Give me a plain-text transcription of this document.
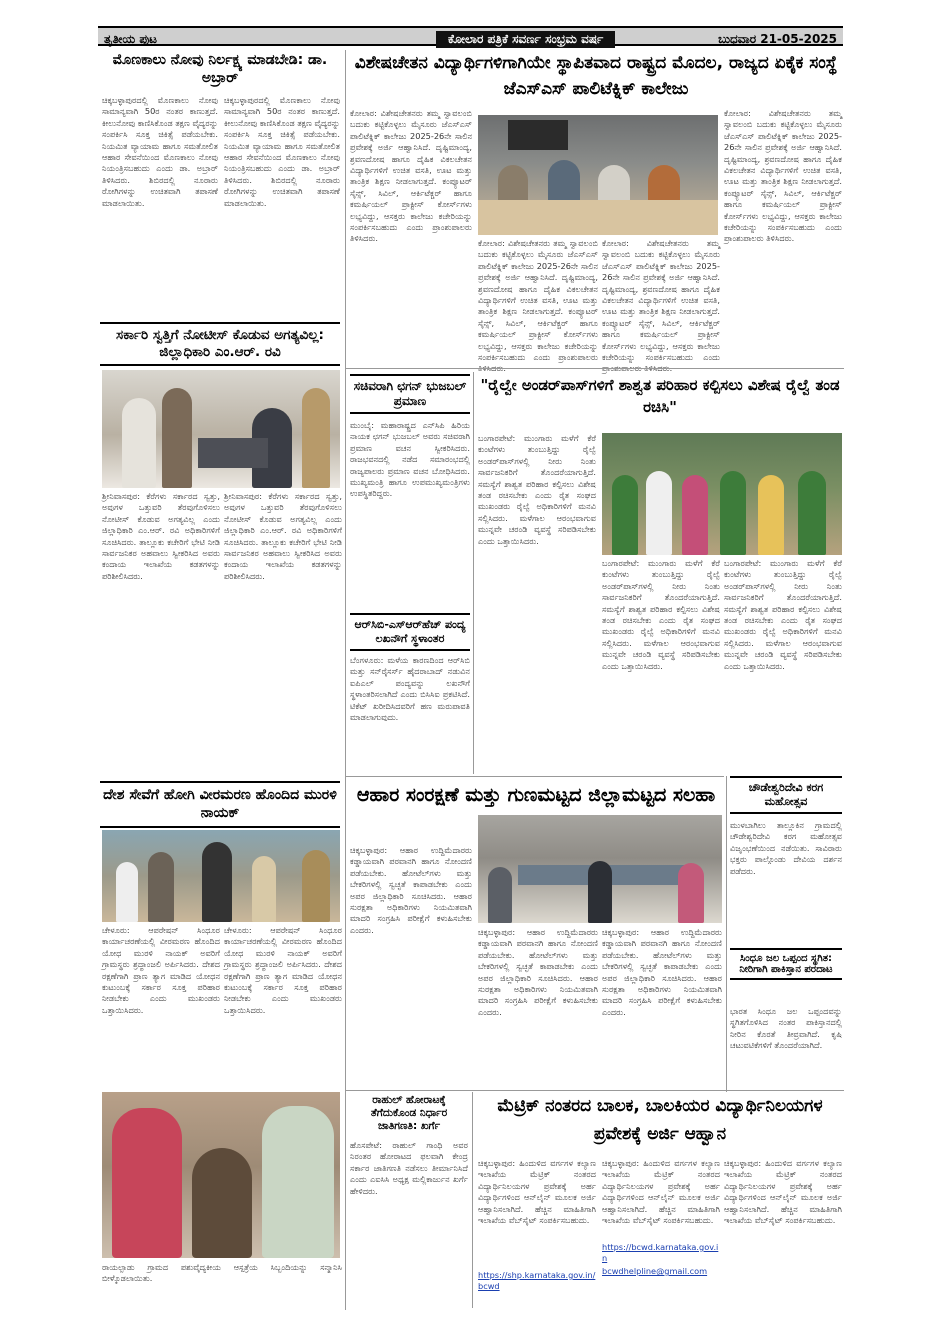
ತೃತೀಯ ಪುಟ	ಕೋಲಾರ ಪತ್ರಿಕೆ ಸವರ್ಣ ಸಂಭ್ರಮ ವರ್ಷ	ಬುಧವಾರ 21-05-2025
ಮೊಣಕಾಲು ನೋವು ನಿರ್ಲಕ್ಷ್ಯ ಮಾಡಬೇಡಿ: ಡಾ. ಅಬ್ರಾರ್
ಚಿಕ್ಕಬಳ್ಳಾಪುರದಲ್ಲಿ ಮೊಣಕಾಲು ನೋವು ಸಾಮಾನ್ಯವಾಗಿ 50ರ ನಂತರ ಕಾಣುತ್ತದೆ. ಕೀಲುನೋವು ಕಾಣಿಸಿಕೊಂಡ ತಕ್ಷಣ ವೈದ್ಯರನ್ನು ಸಂಪರ್ಕಿಸಿ ಸೂಕ್ತ ಚಿಕಿತ್ಸೆ ಪಡೆಯಬೇಕು. ನಿಯಮಿತ ವ್ಯಾಯಾಮ ಹಾಗೂ ಸಮತೋಲಿತ ಆಹಾರ ಸೇವನೆಯಿಂದ ಮೊಣಕಾಲು ನೋವು ನಿಯಂತ್ರಿಸಬಹುದು ಎಂದು ಡಾ. ಅಬ್ರಾರ್ ತಿಳಿಸಿದರು. ಶಿಬಿರದಲ್ಲಿ ನೂರಾರು ರೋಗಿಗಳನ್ನು ಉಚಿತವಾಗಿ ತಪಾಸಣೆ ಮಾಡಲಾಯಿತು.
ಚಿಕ್ಕಬಳ್ಳಾಪುರದಲ್ಲಿ ಮೊಣಕಾಲು ನೋವು ಸಾಮಾನ್ಯವಾಗಿ 50ರ ನಂತರ ಕಾಣುತ್ತದೆ. ಕೀಲುನೋವು ಕಾಣಿಸಿಕೊಂಡ ತಕ್ಷಣ ವೈದ್ಯರನ್ನು ಸಂಪರ್ಕಿಸಿ ಸೂಕ್ತ ಚಿಕಿತ್ಸೆ ಪಡೆಯಬೇಕು. ನಿಯಮಿತ ವ್ಯಾಯಾಮ ಹಾಗೂ ಸಮತೋಲಿತ ಆಹಾರ ಸೇವನೆಯಿಂದ ಮೊಣಕಾಲು ನೋವು ನಿಯಂತ್ರಿಸಬಹುದು ಎಂದು ಡಾ. ಅಬ್ರಾರ್ ತಿಳಿಸಿದರು. ಶಿಬಿರದಲ್ಲಿ ನೂರಾರು ರೋಗಿಗಳನ್ನು ಉಚಿತವಾಗಿ ತಪಾಸಣೆ ಮಾಡಲಾಯಿತು.
ಸರ್ಕಾರಿ ಸ್ವತ್ತಿಗೆ ನೋಟೀಸ್ ಕೊಡುವ ಅಗತ್ಯವಿಲ್ಲ: ಜಿಲ್ಲಾಧಿಕಾರಿ ಎಂ.ಆರ್. ರವಿ
ಶ್ರೀನಿವಾಸಪುರ: ಕೆರೆಗಳು ಸರ್ಕಾರದ ಸ್ವತ್ತು, ಅವುಗಳ ಒತ್ತುವರಿ ತೆರವುಗೊಳಿಸಲು ನೋಟೀಸ್ ಕೊಡುವ ಅಗತ್ಯವಿಲ್ಲ ಎಂದು ಜಿಲ್ಲಾಧಿಕಾರಿ ಎಂ.ಆರ್. ರವಿ ಅಧಿಕಾರಿಗಳಿಗೆ ಸೂಚಿಸಿದರು. ತಾಲ್ಲೂಕು ಕಚೇರಿಗೆ ಭೇಟಿ ನೀಡಿ ಸಾರ್ವಜನಿಕರ ಅಹವಾಲು ಸ್ವೀಕರಿಸಿದ ಅವರು ಕಂದಾಯ ಇಲಾಖೆಯ ಕಡತಗಳನ್ನು ಪರಿಶೀಲಿಸಿದರು.
ಶ್ರೀನಿವಾಸಪುರ: ಕೆರೆಗಳು ಸರ್ಕಾರದ ಸ್ವತ್ತು, ಅವುಗಳ ಒತ್ತುವರಿ ತೆರವುಗೊಳಿಸಲು ನೋಟೀಸ್ ಕೊಡುವ ಅಗತ್ಯವಿಲ್ಲ ಎಂದು ಜಿಲ್ಲಾಧಿಕಾರಿ ಎಂ.ಆರ್. ರವಿ ಅಧಿಕಾರಿಗಳಿಗೆ ಸೂಚಿಸಿದರು. ತಾಲ್ಲೂಕು ಕಚೇರಿಗೆ ಭೇಟಿ ನೀಡಿ ಸಾರ್ವಜನಿಕರ ಅಹವಾಲು ಸ್ವೀಕರಿಸಿದ ಅವರು ಕಂದಾಯ ಇಲಾಖೆಯ ಕಡತಗಳನ್ನು ಪರಿಶೀಲಿಸಿದರು.
ದೇಶ ಸೇವೆಗೆ ಹೋಗಿ ವೀರಮರಣ ಹೊಂದಿದ ಮುರಳಿ ನಾಯಕ್
ಚೇಳೂರು: ಆಪರೇಷನ್ ಸಿಂಧೂರ ಕಾರ್ಯಾಚರಣೆಯಲ್ಲಿ ವೀರಮರಣ ಹೊಂದಿದ ಯೋಧ ಮುರಳಿ ನಾಯಕ್ ಅವರಿಗೆ ಗ್ರಾಮಸ್ಥರು ಶ್ರದ್ಧಾಂಜಲಿ ಅರ್ಪಿಸಿದರು. ದೇಶದ ರಕ್ಷಣೆಗಾಗಿ ಪ್ರಾಣ ತ್ಯಾಗ ಮಾಡಿದ ಯೋಧನ ಕುಟುಂಬಕ್ಕೆ ಸರ್ಕಾರ ಸೂಕ್ತ ಪರಿಹಾರ ನೀಡಬೇಕು ಎಂದು ಮುಖಂಡರು ಒತ್ತಾಯಿಸಿದರು.
ಚೇಳೂರು: ಆಪರೇಷನ್ ಸಿಂಧೂರ ಕಾರ್ಯಾಚರಣೆಯಲ್ಲಿ ವೀರಮರಣ ಹೊಂದಿದ ಯೋಧ ಮುರಳಿ ನಾಯಕ್ ಅವರಿಗೆ ಗ್ರಾಮಸ್ಥರು ಶ್ರದ್ಧಾಂಜಲಿ ಅರ್ಪಿಸಿದರು. ದೇಶದ ರಕ್ಷಣೆಗಾಗಿ ಪ್ರಾಣ ತ್ಯಾಗ ಮಾಡಿದ ಯೋಧನ ಕುಟುಂಬಕ್ಕೆ ಸರ್ಕಾರ ಸೂಕ್ತ ಪರಿಹಾರ ನೀಡಬೇಕು ಎಂದು ಮುಖಂಡರು ಒತ್ತಾಯಿಸಿದರು.
ರಾಯಲ್ಪಾಡು ಗ್ರಾಮದ ಪಶುವೈದ್ಯಕೀಯ ಆಸ್ಪತ್ರೆಯ ಸಿಬ್ಬಂದಿಯನ್ನು ಸನ್ಮಾನಿಸಿ ಬೀಳ್ಕೊಡಲಾಯಿತು.
ವಿಶೇಷಚೇತನ ವಿದ್ಯಾರ್ಥಿಗಳಿಗಾಗಿಯೇ ಸ್ಥಾಪಿತವಾದ ರಾಷ್ಟ್ರದ ಮೊದಲ, ರಾಜ್ಯದ ಏಕೈಕ ಸಂಸ್ಥೆ ಜೆಎಸ್ಎಸ್ ಪಾಲಿಟೆಕ್ನಿಕ್ ಕಾಲೇಜು
ಕೋಲಾರ: ವಿಶೇಷಚೇತನರು ತಮ್ಮ ಸ್ವಾವಲಂಬಿ ಬದುಕು ಕಟ್ಟಿಕೊಳ್ಳಲು ಮೈಸೂರು ಜೆಎಸ್ಎಸ್ ಪಾಲಿಟೆಕ್ನಿಕ್ ಕಾಲೇಜು 2025-26ನೇ ಸಾಲಿನ ಪ್ರವೇಶಕ್ಕೆ ಅರ್ಜಿ ಆಹ್ವಾನಿಸಿದೆ. ದೃಷ್ಟಿಮಾಂದ್ಯ, ಶ್ರವಣದೋಷ ಹಾಗೂ ದೈಹಿಕ ವಿಕಲಚೇತನ ವಿದ್ಯಾರ್ಥಿಗಳಿಗೆ ಉಚಿತ ವಸತಿ, ಊಟ ಮತ್ತು ತಾಂತ್ರಿಕ ಶಿಕ್ಷಣ ನೀಡಲಾಗುತ್ತದೆ. ಕಂಪ್ಯೂಟರ್ ಸೈನ್ಸ್, ಸಿವಿಲ್, ಆರ್ಕಿಟೆಕ್ಚರ್ ಹಾಗೂ ಕಮರ್ಷಿಯಲ್ ಪ್ರಾಕ್ಟೀಸ್ ಕೋರ್ಸ್‌ಗಳು ಲಭ್ಯವಿದ್ದು, ಆಸಕ್ತರು ಕಾಲೇಜು ಕಚೇರಿಯನ್ನು ಸಂಪರ್ಕಿಸಬಹುದು ಎಂದು ಪ್ರಾಂಶುಪಾಲರು ತಿಳಿಸಿದರು.	ಕೋಲಾರ: ವಿಶೇಷಚೇತನರು ತಮ್ಮ ಸ್ವಾವಲಂಬಿ ಬದುಕು ಕಟ್ಟಿಕೊಳ್ಳಲು ಮೈಸೂರು ಜೆಎಸ್ಎಸ್ ಪಾಲಿಟೆಕ್ನಿಕ್ ಕಾಲೇಜು 2025-26ನೇ ಸಾಲಿನ ಪ್ರವೇಶಕ್ಕೆ ಅರ್ಜಿ ಆಹ್ವಾನಿಸಿದೆ. ದೃಷ್ಟಿಮಾಂದ್ಯ, ಶ್ರವಣದೋಷ ಹಾಗೂ ದೈಹಿಕ ವಿಕಲಚೇತನ ವಿದ್ಯಾರ್ಥಿಗಳಿಗೆ ಉಚಿತ ವಸತಿ, ಊಟ ಮತ್ತು ತಾಂತ್ರಿಕ ಶಿಕ್ಷಣ ನೀಡಲಾಗುತ್ತದೆ. ಕಂಪ್ಯೂಟರ್ ಸೈನ್ಸ್, ಸಿವಿಲ್, ಆರ್ಕಿಟೆಕ್ಚರ್ ಹಾಗೂ ಕಮರ್ಷಿಯಲ್ ಪ್ರಾಕ್ಟೀಸ್ ಕೋರ್ಸ್‌ಗಳು ಲಭ್ಯವಿದ್ದು, ಆಸಕ್ತರು ಕಾಲೇಜು ಕಚೇರಿಯನ್ನು ಸಂಪರ್ಕಿಸಬಹುದು ಎಂದು ಪ್ರಾಂಶುಪಾಲರು ತಿಳಿಸಿದರು.
ಕೋಲಾರ: ವಿಶೇಷಚೇತನರು ತಮ್ಮ ಸ್ವಾವಲಂಬಿ ಬದುಕು ಕಟ್ಟಿಕೊಳ್ಳಲು ಮೈಸೂರು ಜೆಎಸ್ಎಸ್ ಪಾಲಿಟೆಕ್ನಿಕ್ ಕಾಲೇಜು 2025-26ನೇ ಸಾಲಿನ ಪ್ರವೇಶಕ್ಕೆ ಅರ್ಜಿ ಆಹ್ವಾನಿಸಿದೆ. ದೃಷ್ಟಿಮಾಂದ್ಯ, ಶ್ರವಣದೋಷ ಹಾಗೂ ದೈಹಿಕ ವಿಕಲಚೇತನ ವಿದ್ಯಾರ್ಥಿಗಳಿಗೆ ಉಚಿತ ವಸತಿ, ಊಟ ಮತ್ತು ತಾಂತ್ರಿಕ ಶಿಕ್ಷಣ ನೀಡಲಾಗುತ್ತದೆ. ಕಂಪ್ಯೂಟರ್ ಸೈನ್ಸ್, ಸಿವಿಲ್, ಆರ್ಕಿಟೆಕ್ಚರ್ ಹಾಗೂ ಕಮರ್ಷಿಯಲ್ ಪ್ರಾಕ್ಟೀಸ್ ಕೋರ್ಸ್‌ಗಳು ಲಭ್ಯವಿದ್ದು, ಆಸಕ್ತರು ಕಾಲೇಜು ಕಚೇರಿಯನ್ನು ಸಂಪರ್ಕಿಸಬಹುದು ಎಂದು ಪ್ರಾಂಶುಪಾಲರು ತಿಳಿಸಿದರು.
ಕೋಲಾರ: ವಿಶೇಷಚೇತನರು ತಮ್ಮ ಸ್ವಾವಲಂಬಿ ಬದುಕು ಕಟ್ಟಿಕೊಳ್ಳಲು ಮೈಸೂರು ಜೆಎಸ್ಎಸ್ ಪಾಲಿಟೆಕ್ನಿಕ್ ಕಾಲೇಜು 2025-26ನೇ ಸಾಲಿನ ಪ್ರವೇಶಕ್ಕೆ ಅರ್ಜಿ ಆಹ್ವಾನಿಸಿದೆ. ದೃಷ್ಟಿಮಾಂದ್ಯ, ಶ್ರವಣದೋಷ ಹಾಗೂ ದೈಹಿಕ ವಿಕಲಚೇತನ ವಿದ್ಯಾರ್ಥಿಗಳಿಗೆ ಉಚಿತ ವಸತಿ, ಊಟ ಮತ್ತು ತಾಂತ್ರಿಕ ಶಿಕ್ಷಣ ನೀಡಲಾಗುತ್ತದೆ. ಕಂಪ್ಯೂಟರ್ ಸೈನ್ಸ್, ಸಿವಿಲ್, ಆರ್ಕಿಟೆಕ್ಚರ್ ಹಾಗೂ ಕಮರ್ಷಿಯಲ್ ಪ್ರಾಕ್ಟೀಸ್ ಕೋರ್ಸ್‌ಗಳು ಲಭ್ಯವಿದ್ದು, ಆಸಕ್ತರು ಕಾಲೇಜು ಕಚೇರಿಯನ್ನು ಸಂಪರ್ಕಿಸಬಹುದು ಎಂದು ಪ್ರಾಂಶುಪಾಲರು ತಿಳಿಸಿದರು.
ಸಚಿವರಾಗಿ ಛಗನ್ ಭುಜಬಲ್ ಪ್ರಮಾಣ
ಮುಂಬೈ: ಮಹಾರಾಷ್ಟ್ರದ ಎನ್‌ಸಿಪಿ ಹಿರಿಯ ನಾಯಕ ಛಗನ್ ಭುಜಬಲ್ ಅವರು ಸಚಿವರಾಗಿ ಪ್ರಮಾಣ ವಚನ ಸ್ವೀಕರಿಸಿದರು. ರಾಜಭವನದಲ್ಲಿ ನಡೆದ ಸಮಾರಂಭದಲ್ಲಿ ರಾಜ್ಯಪಾಲರು ಪ್ರಮಾಣ ವಚನ ಬೋಧಿಸಿದರು. ಮುಖ್ಯಮಂತ್ರಿ ಹಾಗೂ ಉಪಮುಖ್ಯಮಂತ್ರಿಗಳು ಉಪಸ್ಥಿತರಿದ್ದರು.
ಆರ್‌ಸಿಬಿ-ಎಸ್‌ಆರ್‌ಹೆಚ್ ಪಂದ್ಯ ಲಖನೌಗೆ ಸ್ಥಳಾಂತರ
ಬೆಂಗಳೂರು: ಮಳೆಯ ಕಾರಣದಿಂದ ಆರ್‌ಸಿಬಿ ಮತ್ತು ಸನ್‌ರೈಸರ್ಸ್ ಹೈದರಾಬಾದ್ ನಡುವಿನ ಐಪಿಎಲ್ ಪಂದ್ಯವನ್ನು ಲಖನೌಗೆ ಸ್ಥಳಾಂತರಿಸಲಾಗಿದೆ ಎಂದು ಬಿಸಿಸಿಐ ಪ್ರಕಟಿಸಿದೆ. ಟಿಕೆಟ್ ಖರೀದಿಸಿದವರಿಗೆ ಹಣ ಮರುಪಾವತಿ ಮಾಡಲಾಗುವುದು.
"ರೈಲ್ವೇ ಅಂಡರ್‌ಪಾಸ್‌ಗಳಿಗೆ ಶಾಶ್ವತ ಪರಿಹಾರ ಕಲ್ಪಿಸಲು ವಿಶೇಷ ರೈಲ್ವೆ ತಂಡ ರಚಿಸಿ"
ಬಂಗಾರಪೇಟೆ: ಮುಂಗಾರು ಮಳೆಗೆ ಕೆರೆ ಕುಂಟೆಗಳು ತುಂಬುತ್ತಿದ್ದು ರೈಲ್ವೆ ಅಂಡರ್‌ಪಾಸ್‌ಗಳಲ್ಲಿ ನೀರು ನಿಂತು ಸಾರ್ವಜನಿಕರಿಗೆ ತೊಂದರೆಯಾಗುತ್ತಿದೆ. ಸಮಸ್ಯೆಗೆ ಶಾಶ್ವತ ಪರಿಹಾರ ಕಲ್ಪಿಸಲು ವಿಶೇಷ ತಂಡ ರಚಿಸಬೇಕು ಎಂದು ರೈತ ಸಂಘದ ಮುಖಂಡರು ರೈಲ್ವೆ ಅಧಿಕಾರಿಗಳಿಗೆ ಮನವಿ ಸಲ್ಲಿಸಿದರು. ಮಳೆಗಾಲ ಆರಂಭವಾಗುವ ಮುನ್ನವೇ ಚರಂಡಿ ವ್ಯವಸ್ಥೆ ಸರಿಪಡಿಸಬೇಕು ಎಂದು ಒತ್ತಾಯಿಸಿದರು.
ಬಂಗಾರಪೇಟೆ: ಮುಂಗಾರು ಮಳೆಗೆ ಕೆರೆ ಕುಂಟೆಗಳು ತುಂಬುತ್ತಿದ್ದು ರೈಲ್ವೆ ಅಂಡರ್‌ಪಾಸ್‌ಗಳಲ್ಲಿ ನೀರು ನಿಂತು ಸಾರ್ವಜನಿಕರಿಗೆ ತೊಂದರೆಯಾಗುತ್ತಿದೆ. ಸಮಸ್ಯೆಗೆ ಶಾಶ್ವತ ಪರಿಹಾರ ಕಲ್ಪಿಸಲು ವಿಶೇಷ ತಂಡ ರಚಿಸಬೇಕು ಎಂದು ರೈತ ಸಂಘದ ಮುಖಂಡರು ರೈಲ್ವೆ ಅಧಿಕಾರಿಗಳಿಗೆ ಮನವಿ ಸಲ್ಲಿಸಿದರು. ಮಳೆಗಾಲ ಆರಂಭವಾಗುವ ಮುನ್ನವೇ ಚರಂಡಿ ವ್ಯವಸ್ಥೆ ಸರಿಪಡಿಸಬೇಕು ಎಂದು ಒತ್ತಾಯಿಸಿದರು.
ಬಂಗಾರಪೇಟೆ: ಮುಂಗಾರು ಮಳೆಗೆ ಕೆರೆ ಕುಂಟೆಗಳು ತುಂಬುತ್ತಿದ್ದು ರೈಲ್ವೆ ಅಂಡರ್‌ಪಾಸ್‌ಗಳಲ್ಲಿ ನೀರು ನಿಂತು ಸಾರ್ವಜನಿಕರಿಗೆ ತೊಂದರೆಯಾಗುತ್ತಿದೆ. ಸಮಸ್ಯೆಗೆ ಶಾಶ್ವತ ಪರಿಹಾರ ಕಲ್ಪಿಸಲು ವಿಶೇಷ ತಂಡ ರಚಿಸಬೇಕು ಎಂದು ರೈತ ಸಂಘದ ಮುಖಂಡರು ರೈಲ್ವೆ ಅಧಿಕಾರಿಗಳಿಗೆ ಮನವಿ ಸಲ್ಲಿಸಿದರು. ಮಳೆಗಾಲ ಆರಂಭವಾಗುವ ಮುನ್ನವೇ ಚರಂಡಿ ವ್ಯವಸ್ಥೆ ಸರಿಪಡಿಸಬೇಕು ಎಂದು ಒತ್ತಾಯಿಸಿದರು.
ಆಹಾರ ಸಂರಕ್ಷಣೆ ಮತ್ತು ಗುಣಮಟ್ಟದ ಜಿಲ್ಲಾಮಟ್ಟದ ಸಲಹಾ
ಚಿಕ್ಕಬಳ್ಳಾಪುರ: ಆಹಾರ ಉದ್ದಿಮೆದಾರರು ಕಡ್ಡಾಯವಾಗಿ ಪರವಾನಗಿ ಹಾಗೂ ನೋಂದಣಿ ಪಡೆಯಬೇಕು. ಹೋಟೆಲ್‌ಗಳು ಮತ್ತು ಬೇಕರಿಗಳಲ್ಲಿ ಸ್ವಚ್ಛತೆ ಕಾಪಾಡಬೇಕು ಎಂದು ಅಪರ ಜಿಲ್ಲಾಧಿಕಾರಿ ಸೂಚಿಸಿದರು. ಆಹಾರ ಸುರಕ್ಷತಾ ಅಧಿಕಾರಿಗಳು ನಿಯಮಿತವಾಗಿ ಮಾದರಿ ಸಂಗ್ರಹಿಸಿ ಪರೀಕ್ಷೆಗೆ ಕಳುಹಿಸಬೇಕು ಎಂದರು.	ಚಿಕ್ಕಬಳ್ಳಾಪುರ: ಆಹಾರ ಉದ್ದಿಮೆದಾರರು ಕಡ್ಡಾಯವಾಗಿ ಪರವಾನಗಿ ಹಾಗೂ ನೋಂದಣಿ ಪಡೆಯಬೇಕು. ಹೋಟೆಲ್‌ಗಳು ಮತ್ತು ಬೇಕರಿಗಳಲ್ಲಿ ಸ್ವಚ್ಛತೆ ಕಾಪಾಡಬೇಕು ಎಂದು ಅಪರ ಜಿಲ್ಲಾಧಿಕಾರಿ ಸೂಚಿಸಿದರು. ಆಹಾರ ಸುರಕ್ಷತಾ ಅಧಿಕಾರಿಗಳು ನಿಯಮಿತವಾಗಿ ಮಾದರಿ ಸಂಗ್ರಹಿಸಿ ಪರೀಕ್ಷೆಗೆ ಕಳುಹಿಸಬೇಕು ಎಂದರು.
ಚಿಕ್ಕಬಳ್ಳಾಪುರ: ಆಹಾರ ಉದ್ದಿಮೆದಾರರು ಕಡ್ಡಾಯವಾಗಿ ಪರವಾನಗಿ ಹಾಗೂ ನೋಂದಣಿ ಪಡೆಯಬೇಕು. ಹೋಟೆಲ್‌ಗಳು ಮತ್ತು ಬೇಕರಿಗಳಲ್ಲಿ ಸ್ವಚ್ಛತೆ ಕಾಪಾಡಬೇಕು ಎಂದು ಅಪರ ಜಿಲ್ಲಾಧಿಕಾರಿ ಸೂಚಿಸಿದರು. ಆಹಾರ ಸುರಕ್ಷತಾ ಅಧಿಕಾರಿಗಳು ನಿಯಮಿತವಾಗಿ ಮಾದರಿ ಸಂಗ್ರಹಿಸಿ ಪರೀಕ್ಷೆಗೆ ಕಳುಹಿಸಬೇಕು ಎಂದರು.
ಚೌಡೇಶ್ವರಿದೇವಿ ಕರಗ ಮಹೋತ್ಸವ
ಮುಳಬಾಗಿಲು ತಾಲ್ಲೂಕಿನ ಗ್ರಾಮದಲ್ಲಿ ಚೌಡೇಶ್ವರಿದೇವಿ ಕರಗ ಮಹೋತ್ಸವ ವಿಜೃಂಭಣೆಯಿಂದ ನಡೆಯಿತು. ಸಾವಿರಾರು ಭಕ್ತರು ಪಾಲ್ಗೊಂಡು ದೇವಿಯ ದರ್ಶನ ಪಡೆದರು.
ಸಿಂಧೂ ಜಲ ಒಪ್ಪಂದ ಸ್ಥಗಿತ: ನೀರಿಗಾಗಿ ಪಾಕಿಸ್ತಾನ ಪರದಾಟ
ಭಾರತ ಸಿಂಧೂ ಜಲ ಒಪ್ಪಂದವನ್ನು ಸ್ಥಗಿತಗೊಳಿಸಿದ ನಂತರ ಪಾಕಿಸ್ತಾನದಲ್ಲಿ ನೀರಿನ ಕೊರತೆ ತೀವ್ರವಾಗಿದೆ. ಕೃಷಿ ಚಟುವಟಿಕೆಗಳಿಗೆ ತೊಂದರೆಯಾಗಿದೆ.
ರಾಹುಲ್ ಹೋರಾಟಕ್ಕೆ ತೆಗೆದುಕೊಂಡ ನಿರ್ಧಾರ ಜಾತಿಗಣತಿ: ಖರ್ಗೆ
ಹೊಸಪೇಟೆ: ರಾಹುಲ್ ಗಾಂಧಿ ಅವರ ನಿರಂತರ ಹೋರಾಟದ ಫಲವಾಗಿ ಕೇಂದ್ರ ಸರ್ಕಾರ ಜಾತಿಗಣತಿ ನಡೆಸಲು ತೀರ್ಮಾನಿಸಿದೆ ಎಂದು ಎಐಸಿಸಿ ಅಧ್ಯಕ್ಷ ಮಲ್ಲಿಕಾರ್ಜುನ ಖರ್ಗೆ ಹೇಳಿದರು.
ಮೆಟ್ರಿಕ್ ನಂತರದ ಬಾಲಕ, ಬಾಲಕಿಯರ ವಿದ್ಯಾರ್ಥಿನಿಲಯಗಳ ಪ್ರವೇಶಕ್ಕೆ ಅರ್ಜಿ ಆಹ್ವಾನ
ಚಿಕ್ಕಬಳ್ಳಾಪುರ: ಹಿಂದುಳಿದ ವರ್ಗಗಳ ಕಲ್ಯಾಣ ಇಲಾಖೆಯ ಮೆಟ್ರಿಕ್ ನಂತರದ ವಿದ್ಯಾರ್ಥಿನಿಲಯಗಳ ಪ್ರವೇಶಕ್ಕೆ ಅರ್ಹ ವಿದ್ಯಾರ್ಥಿಗಳಿಂದ ಆನ್‌ಲೈನ್ ಮೂಲಕ ಅರ್ಜಿ ಆಹ್ವಾನಿಸಲಾಗಿದೆ. ಹೆಚ್ಚಿನ ಮಾಹಿತಿಗಾಗಿ ಇಲಾಖೆಯ ವೆಬ್‌ಸೈಟ್ ಸಂಪರ್ಕಿಸಬಹುದು.
https://shp.karnataka.gov.in/bcwd
ಚಿಕ್ಕಬಳ್ಳಾಪುರ: ಹಿಂದುಳಿದ ವರ್ಗಗಳ ಕಲ್ಯಾಣ ಇಲಾಖೆಯ ಮೆಟ್ರಿಕ್ ನಂತರದ ವಿದ್ಯಾರ್ಥಿನಿಲಯಗಳ ಪ್ರವೇಶಕ್ಕೆ ಅರ್ಹ ವಿದ್ಯಾರ್ಥಿಗಳಿಂದ ಆನ್‌ಲೈನ್ ಮೂಲಕ ಅರ್ಜಿ ಆಹ್ವಾನಿಸಲಾಗಿದೆ. ಹೆಚ್ಚಿನ ಮಾಹಿತಿಗಾಗಿ ಇಲಾಖೆಯ ವೆಬ್‌ಸೈಟ್ ಸಂಪರ್ಕಿಸಬಹುದು.
https://bcwd.karnataka.gov.in
bcwdhelpline@gmail.com
ಚಿಕ್ಕಬಳ್ಳಾಪುರ: ಹಿಂದುಳಿದ ವರ್ಗಗಳ ಕಲ್ಯಾಣ ಇಲಾಖೆಯ ಮೆಟ್ರಿಕ್ ನಂತರದ ವಿದ್ಯಾರ್ಥಿನಿಲಯಗಳ ಪ್ರವೇಶಕ್ಕೆ ಅರ್ಹ ವಿದ್ಯಾರ್ಥಿಗಳಿಂದ ಆನ್‌ಲೈನ್ ಮೂಲಕ ಅರ್ಜಿ ಆಹ್ವಾನಿಸಲಾಗಿದೆ. ಹೆಚ್ಚಿನ ಮಾಹಿತಿಗಾಗಿ ಇಲಾಖೆಯ ವೆಬ್‌ಸೈಟ್ ಸಂಪರ್ಕಿಸಬಹುದು.
